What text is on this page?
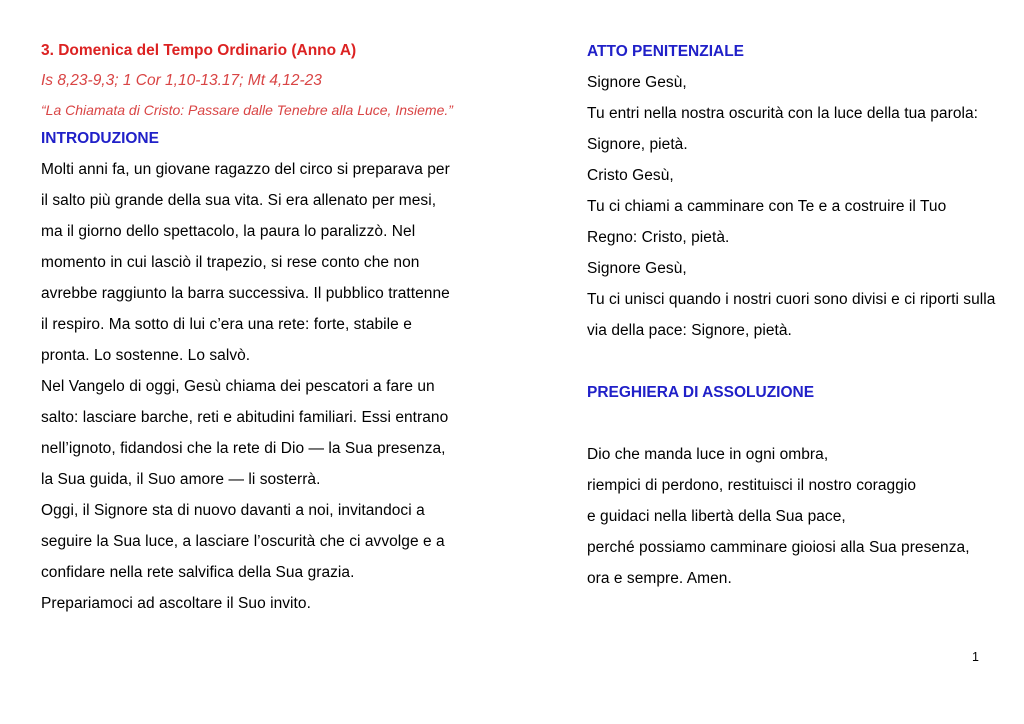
3. Domenica del Tempo Ordinario (Anno A)
Is 8,23-9,3; 1 Cor 1,10-13.17; Mt 4,12-23
“La Chiamata di Cristo: Passare dalle Tenebre alla Luce, Insieme.”
INTRODUZIONE
Molti anni fa, un giovane ragazzo del circo si preparava per
il salto più grande della sua vita. Si era allenato per mesi,
ma il giorno dello spettacolo, la paura lo paralizzò. Nel
momento in cui lasciò il trapezio, si rese conto che non
avrebbe raggiunto la barra successiva. Il pubblico trattenne
il respiro. Ma sotto di lui c’era una rete: forte, stabile e
pronta. Lo sostenne. Lo salvò.
Nel Vangelo di oggi, Gesù chiama dei pescatori a fare un
salto: lasciare barche, reti e abitudini familiari. Essi entrano
nell’ignoto, fidandosi che la rete di Dio — la Sua presenza,
la Sua guida, il Suo amore — li sosterrà.
Oggi, il Signore sta di nuovo davanti a noi, invitandoci a
seguire la Sua luce, a lasciare l’oscurità che ci avvolge e a
confidare nella rete salvifica della Sua grazia.
Prepariamoci ad ascoltare il Suo invito.
ATTO PENITENZIALE
Signore Gesù,
Tu entri nella nostra oscurità con la luce della tua parola:
Signore, pietà.
Cristo Gesù,
Tu ci chiami a camminare con Te e a costruire il Tuo
Regno: Cristo, pietà.
Signore Gesù,
Tu ci unisci quando i nostri cuori sono divisi e ci riporti sulla
via della pace: Signore, pietà.
PREGHIERA DI ASSOLUZIONE
Dio che manda luce in ogni ombra,
riempici di perdono, restituisci il nostro coraggio
e guidaci nella libertà della Sua pace,
perché possiamo camminare gioiosi alla Sua presenza,
ora e sempre. Amen.
1
